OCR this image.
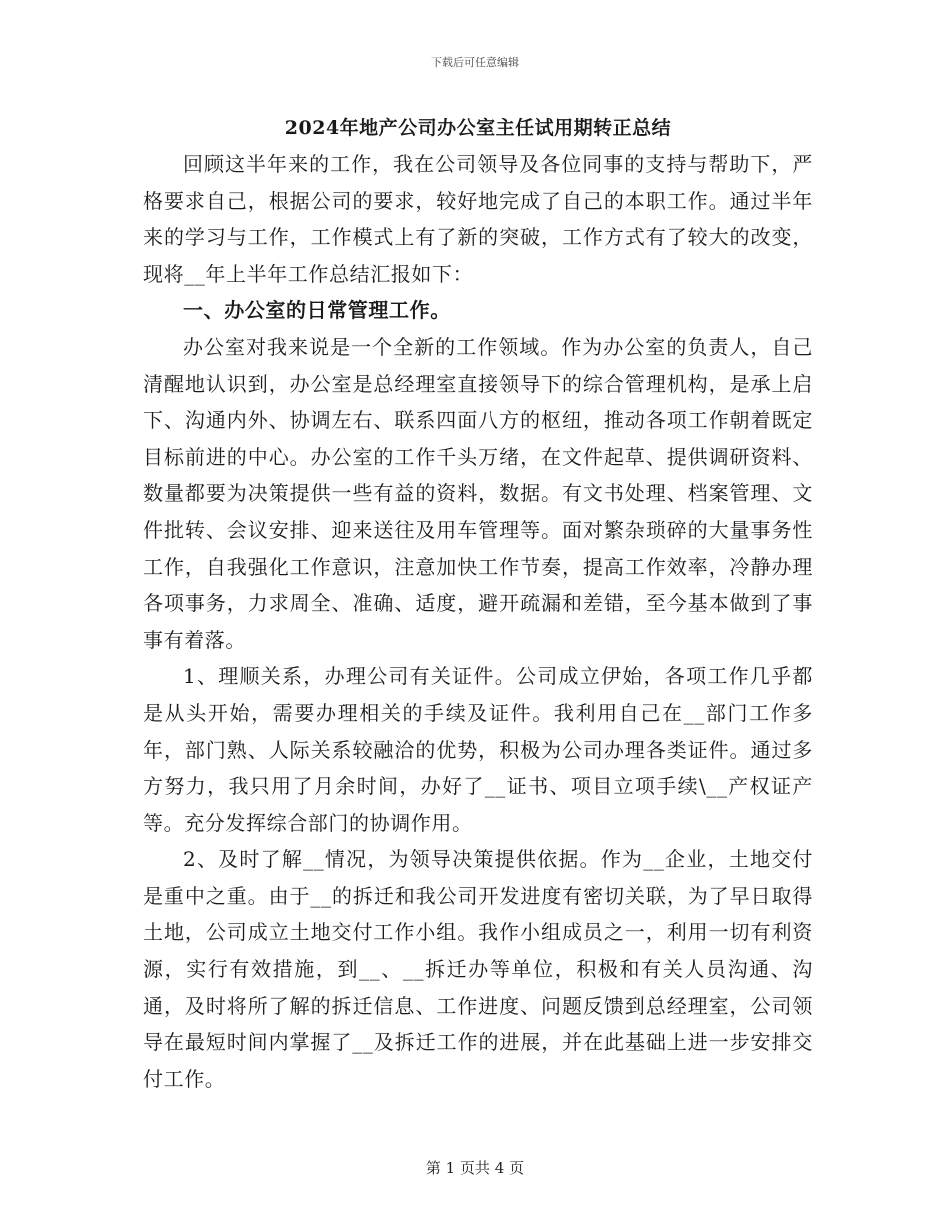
下载后可任意编辑
2024年地产公司办公室主任试用期转正总结

回顾这半年来的工作，我在公司领导及各位同事的支持与帮助下，严格要求自己，根据公司的要求，较好地完成了自己的本职工作。通过半年来的学习与工作，工作模式上有了新的突破，工作方式有了较大的改变，现将__年上半年工作总结汇报如下：

一、办公室的日常管理工作。

办公室对我来说是一个全新的工作领域。作为办公室的负责人，自己清醒地认识到，办公室是总经理室直接领导下的综合管理机构，是承上启下、沟通内外、协调左右、联系四面八方的枢纽，推动各项工作朝着既定目标前进的中心。办公室的工作千头万绪，在文件起草、提供调研资料、数量都要为决策提供一些有益的资料，数据。有文书处理、档案管理、文件批转、会议安排、迎来送往及用车管理等。面对繁杂琐碎的大量事务性工作，自我强化工作意识，注意加快工作节奏，提高工作效率，冷静办理各项事务，力求周全、准确、适度，避开疏漏和差错，至今基本做到了事事有着落。

1、理顺关系，办理公司有关证件。公司成立伊始，各项工作几乎都是从头开始，需要办理相关的手续及证件。我利用自己在__部门工作多年，部门熟、人际关系较融洽的优势，积极为公司办理各类证件。通过多方努力，我只用了月余时间，办好了__证书、项目立项手续\__产权证产等。充分发挥综合部门的协调作用。

2、及时了解__情况，为领导决策提供依据。作为__企业，土地交付是重中之重。由于__的拆迁和我公司开发进度有密切关联，为了早日取得土地，公司成立土地交付工作小组。我作小组成员之一，利用一切有利资源，实行有效措施，到__、__拆迁办等单位，积极和有关人员沟通、沟通，及时将所了解的拆迁信息、工作进度、问题反馈到总经理室，公司领导在最短时间内掌握了__及拆迁工作的进展，并在此基础上进一步安排交付工作。

第 1 页共 4 页
